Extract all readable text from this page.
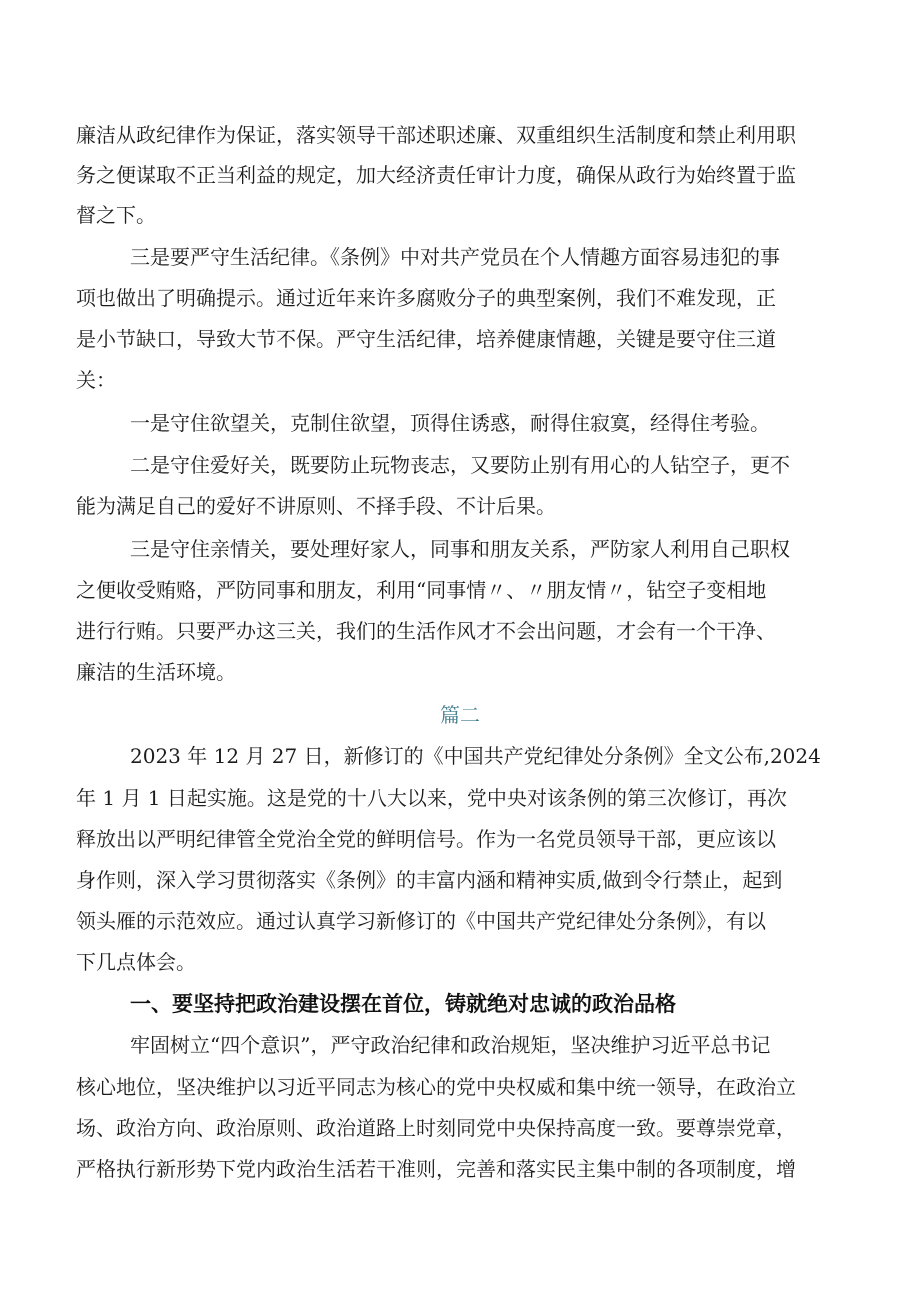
廉洁从政纪律作为保证，落实领导干部述职述廉、双重组织生活制度和禁止利用职
务之便谋取不正当利益的规定，加大经济责任审计力度，确保从政行为始终置于监
督之下。
三是要严守生活纪律。《条例》中对共产党员在个人情趣方面容易违犯的事
项也做出了明确提示。通过近年来许多腐败分子的典型案例，我们不难发现，正
是小节缺口，导致大节不保。严守生活纪律，培养健康情趣，关键是要守住三道
关：
一是守住欲望关，克制住欲望，顶得住诱惑，耐得住寂寞，经得住考验。
二是守住爱好关，既要防止玩物丧志，又要防止别有用心的人钻空子，更不
能为满足自己的爱好不讲原则、不择手段、不计后果。
三是守住亲情关，要处理好家人，同事和朋友关系，严防家人利用自己职权
之便收受贿赂，严防同事和朋友，利用“同事情〃、〃朋友情〃，钻空子变相地
进行行贿。只要严办这三关，我们的生活作风才不会出问题，才会有一个干净、
廉洁的生活环境。
篇二
2023 年 12 月 27 日，新修订的《中国共产党纪律处分条例》全文公布,2024
年 1 月 1 日起实施。这是党的十八大以来，党中央对该条例的第三次修订，再次
释放出以严明纪律管全党治全党的鲜明信号。作为一名党员领导干部，更应该以
身作则，深入学习贯彻落实《条例》的丰富内涵和精神实质,做到令行禁止，起到
领头雁的示范效应。通过认真学习新修订的《中国共产党纪律处分条例》，有以
下几点体会。
一、要坚持把政治建设摆在首位，铸就绝对忠诚的政治品格
牢固树立“四个意识”，严守政治纪律和政治规矩，坚决维护习近平总书记
核心地位，坚决维护以习近平同志为核心的党中央权威和集中统一领导，在政治立
场、政治方向、政治原则、政治道路上时刻同党中央保持高度一致。要尊崇党章，
严格执行新形势下党内政治生活若干准则，完善和落实民主集中制的各项制度，增
